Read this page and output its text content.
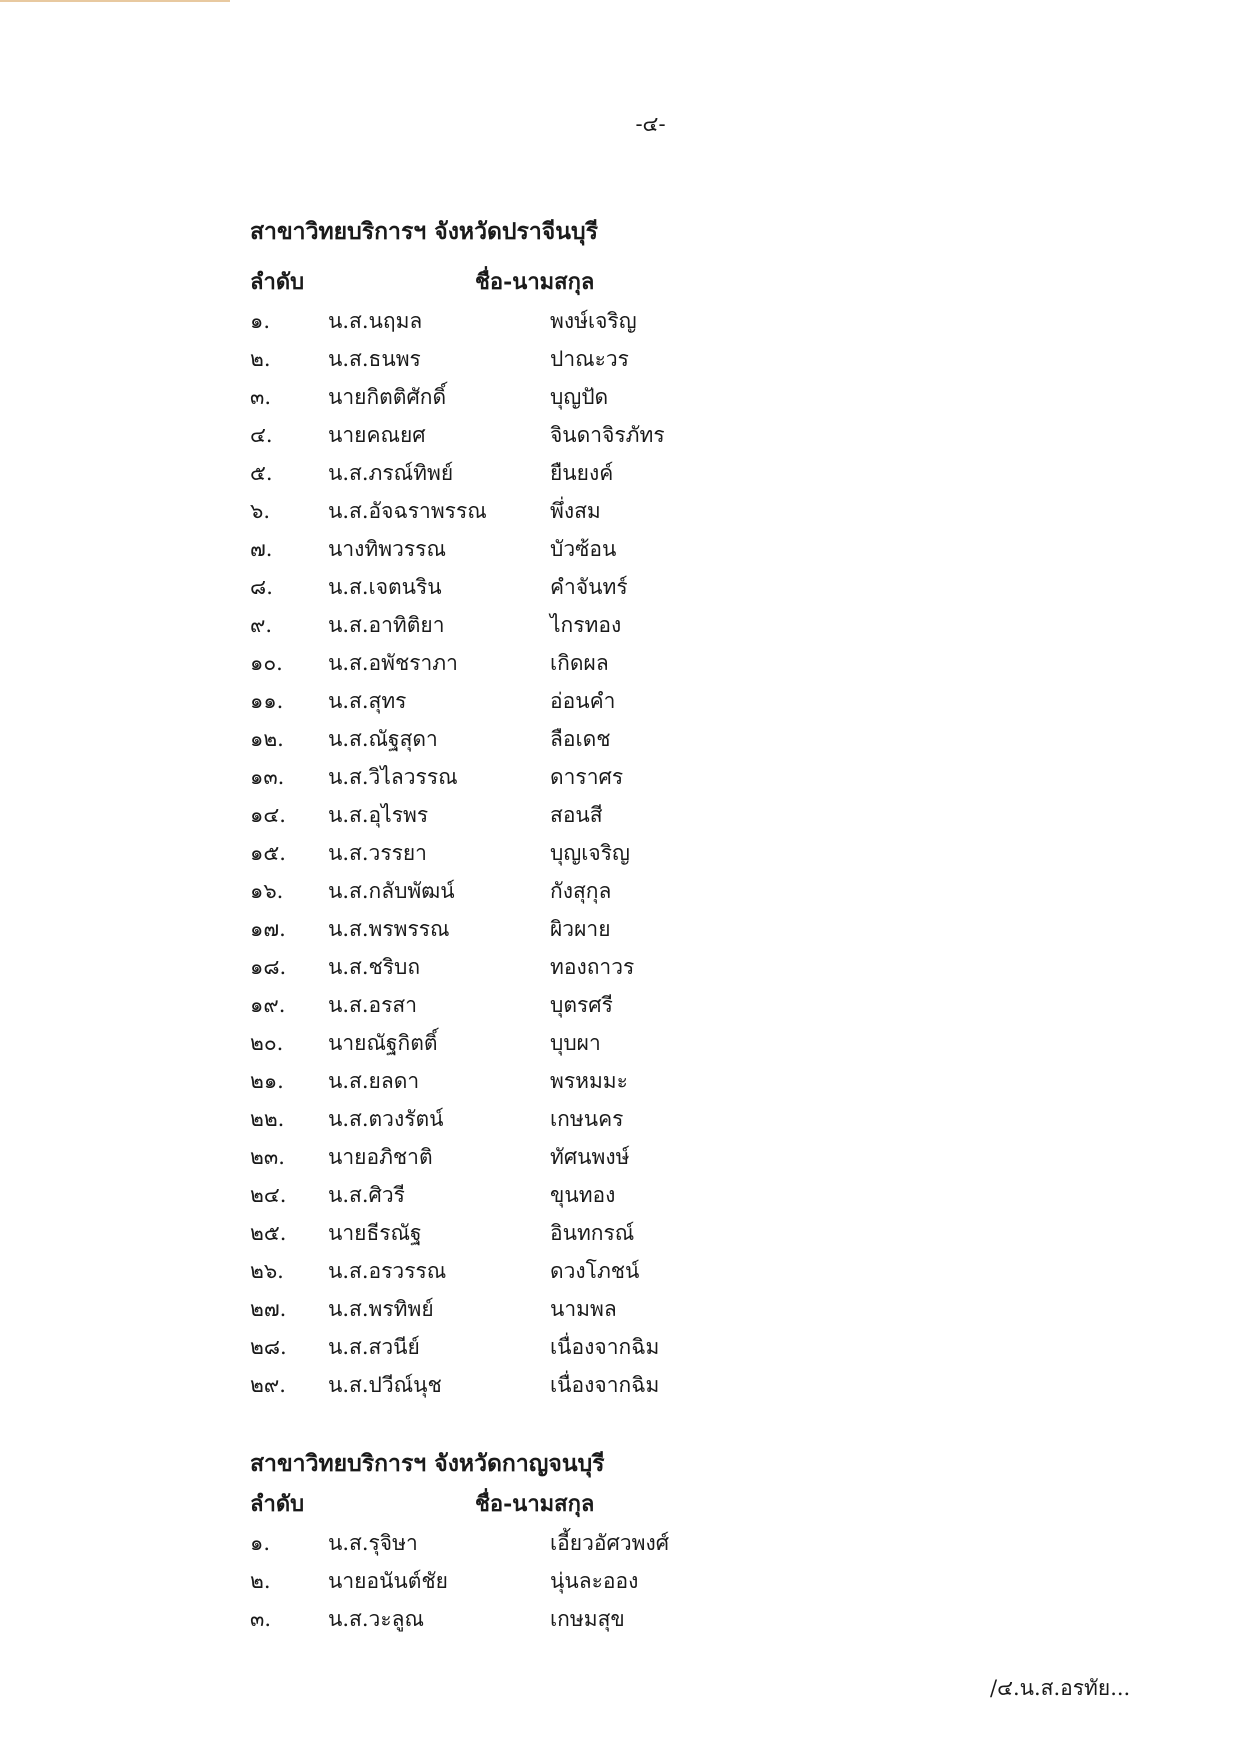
-๔-
สาขาวิทยบริการฯ จังหวัดปราจีนบุรี
ลำดับ	ชื่อ-นามสกุล
๑.	น.ส.นฤมล	พงษ์เจริญ
๒.	น.ส.ธนพร	ปาณะวร
๓.	นายกิตติศักดิ์	บุญปัด
๔.	นายคณยศ	จินดาจิรภัทร
๕.	น.ส.ภรณ์ทิพย์	ยืนยงค์
๖.	น.ส.อัจฉราพรรณ	พึ่งสม
๗.	นางทิพวรรณ	บัวซ้อน
๘.	น.ส.เจตนริน	คำจันทร์
๙.	น.ส.อาทิติยา	ไกรทอง
๑๐. น.ส.อพัชราภา	เกิดผล
๑๑. น.ส.สุทร	อ่อนคำ
๑๒. น.ส.ณัฐสุดา	ลือเดช
๑๓. น.ส.วิไลวรรณ	ดาราศร
๑๔. น.ส.อุไรพร	สอนสี
๑๕. น.ส.วรรยา	บุญเจริญ
๑๖. น.ส.กลับพัฒน์	กังสุกุล
๑๗. น.ส.พรพรรณ	ผิวผาย
๑๘. น.ส.ชริบถ	ทองถาวร
๑๙. น.ส.อรสา	บุตรศรี
๒๐. นายณัฐกิตติ์	บุบผา
๒๑. น.ส.ยลดา	พรหมมะ
๒๒. น.ส.ตวงรัตน์	เกษนคร
๒๓. นายอภิชาติ	ทัศนพงษ์
๒๔. น.ส.ศิวรี	ขุนทอง
๒๕. นายธีรณัฐ	อินทกรณ์
๒๖. น.ส.อรวรรณ	ดวงโภชน์
๒๗. น.ส.พรทิพย์	นามพล
๒๘. น.ส.สวนีย์	เนื่องจากฉิม
๒๙. น.ส.ปวีณ์นุช	เนื่องจากฉิม
สาขาวิทยบริการฯ จังหวัดกาญจนบุรี
ลำดับ	ชื่อ-นามสกุล
๑.	น.ส.รุจิษา	เอี้ยวอัศวพงศ์
๒.	นายอนันต์ชัย	นุ่นละออง
๓.	น.ส.วะลูณ	เกษมสุข
/๔.น.ส.อรทัย...
